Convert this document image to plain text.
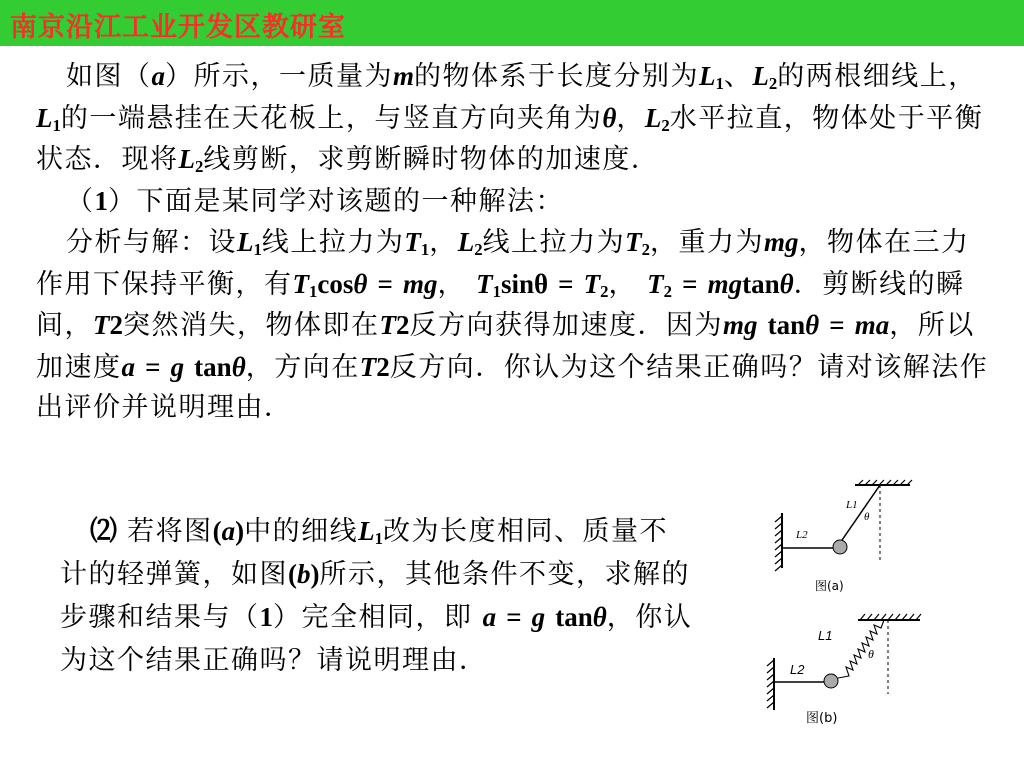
南京沿江工业开发区教研室

如图（a）所示，一质量为m的物体系于长度分别为$L_1$、$L_2$的两根细线上，$L_1$的一端悬挂在天花板上，与竖直方向夹角为θ，$L_2$水平拉直，物体处于平衡状态．现将$L_2$线剪断，求剪断瞬时物体的加速度．

（1）下面是某同学对该题的一种解法：

分析与解：设$L_1$线上拉力为$T_1$，$L_2$线上拉力为$T_2$，重力为mg，物体在三力作用下保持平衡，有$T_1\cos\theta$ = mg， $T_1\sin\theta = T_2$， $T_2 = mgtan\theta$．剪断线的瞬间，T2突然消失，物体即在T2反方向获得加速度．因为mg tanθ = ma，所以加速度a = g tanθ，方向在T2反方向．你认为这个结果正确吗？请对该解法作出评价并说明理由．

⑵ 若将图(a)中的细线$L_1$改为长度相同、质量不计的轻弹簧，如图(b)所示，其他条件不变，求解的步骤和结果与（1）完全相同，即 a = g tanθ，你认为这个结果正确吗？请说明理由．

L1
θ
L2
图(a)
L1
θ
L2
图(b)
